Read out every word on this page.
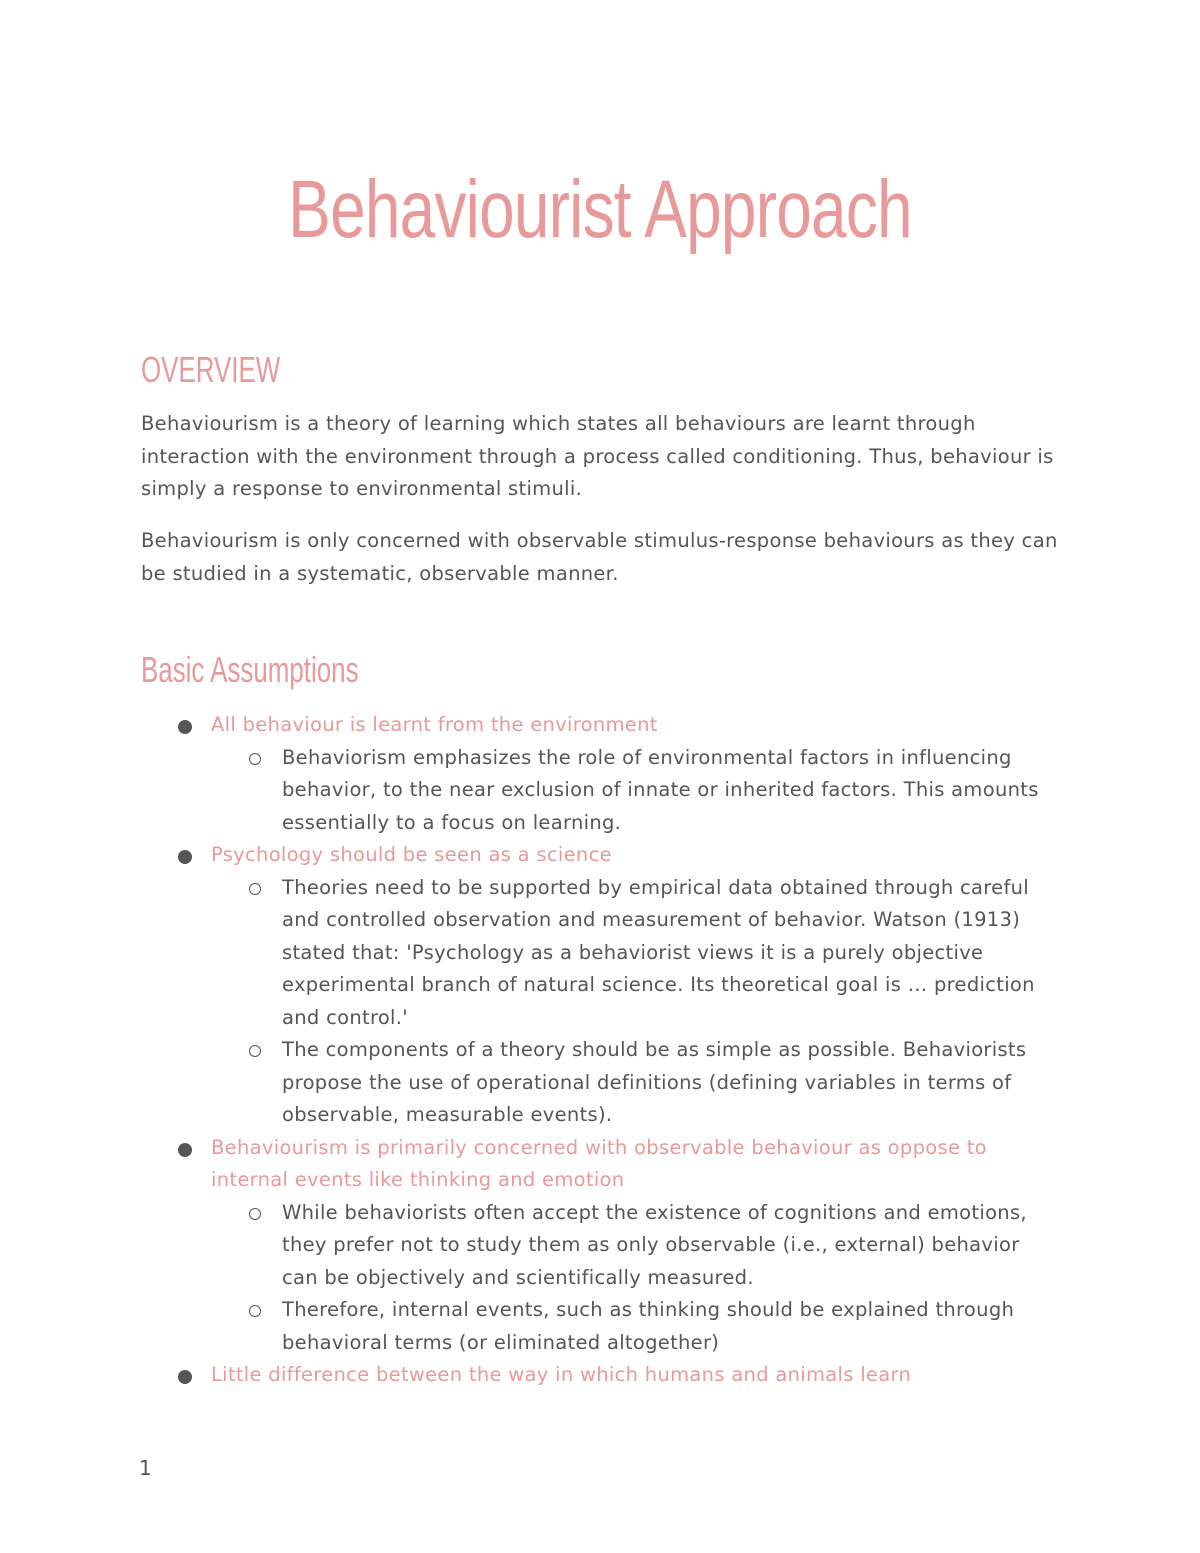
Behaviourist Approach
OVERVIEW

Behaviourism is a theory of learning which states all behaviours are learnt through interaction with the environment through a process called conditioning. Thus, behaviour is simply a response to environmental stimuli.

Behaviourism is only concerned with observable stimulus-response behaviours as they can be studied in a systematic, observable manner.

Basic Assumptions
All behaviour is learnt from the environment
Behaviorism emphasizes the role of environmental factors in influencing behavior, to the near exclusion of innate or inherited factors. This amounts essentially to a focus on learning.
Psychology should be seen as a science
Theories need to be supported by empirical data obtained through careful and controlled observation and measurement of behavior. Watson (1913) stated that: 'Psychology as a behaviorist views it is a purely objective experimental branch of natural science. Its theoretical goal is … prediction and control.'
The components of a theory should be as simple as possible. Behaviorists propose the use of operational definitions (defining variables in terms of observable, measurable events).
Behaviourism is primarily concerned with observable behaviour as oppose to internal events like thinking and emotion
While behaviorists often accept the existence of cognitions and emotions, they prefer not to study them as only observable (i.e., external) behavior can be objectively and scientifically measured.
Therefore, internal events, such as thinking should be explained through behavioral terms (or eliminated altogether)
Little difference between the way in which humans and animals learn
1
